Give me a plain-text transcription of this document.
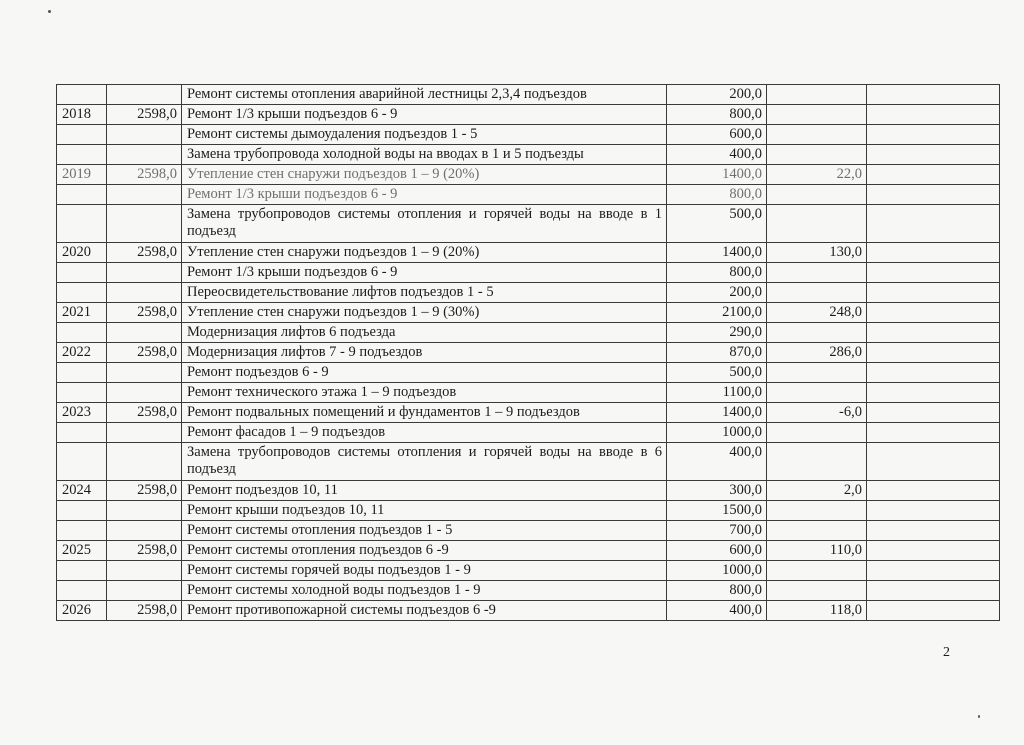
		Ремонт системы отопления аварийной лестницы 2,3,4 подъездов	200,0		
2018	2598,0	Ремонт 1/3 крыши подъездов 6 - 9	800,0		
		Ремонт системы дымоудаления подъездов 1 - 5	600,0		
		Замена трубопровода холодной воды на вводах в 1 и 5 подъезды	400,0		
2019	2598,0	Утепление стен снаружи подъездов 1 – 9 (20%)	1400,0	22,0	
		Ремонт 1/3 крыши подъездов 6 - 9	800,0		
		Замена трубопроводов системы отопления и горячей воды на вводе в 1 подъезд	500,0		
2020	2598,0	Утепление стен снаружи подъездов 1 – 9 (20%)	1400,0	130,0	
		Ремонт 1/3 крыши подъездов 6 - 9	800,0		
		Переосвидетельствование лифтов подъездов 1 - 5	200,0		
2021	2598,0	Утепление стен снаружи подъездов 1 – 9 (30%)	2100,0	248,0	
		Модернизация лифтов 6 подъезда	290,0		
2022	2598,0	Модернизация лифтов 7 - 9 подъездов	870,0	286,0	
		Ремонт подъездов 6 - 9	500,0		
		Ремонт технического этажа 1 – 9 подъездов	1100,0		
2023	2598,0	Ремонт подвальных помещений и фундаментов 1 – 9 подъездов	1400,0	-6,0	
		Ремонт фасадов 1 – 9 подъездов	1000,0		
		Замена трубопроводов системы отопления и горячей воды на вводе в 6 подъезд	400,0		
2024	2598,0	Ремонт подъездов 10, 11	300,0	2,0	
		Ремонт крыши подъездов 10, 11	1500,0		
		Ремонт системы отопления подъездов 1 - 5	700,0		
2025	2598,0	Ремонт системы отопления подъездов 6 -9	600,0	110,0	
		Ремонт системы горячей воды подъездов 1 - 9	1000,0		
		Ремонт системы холодной воды подъездов 1 - 9	800,0		
2026	2598,0	Ремонт противопожарной системы подъездов 6 -9	400,0	118,0	
2
